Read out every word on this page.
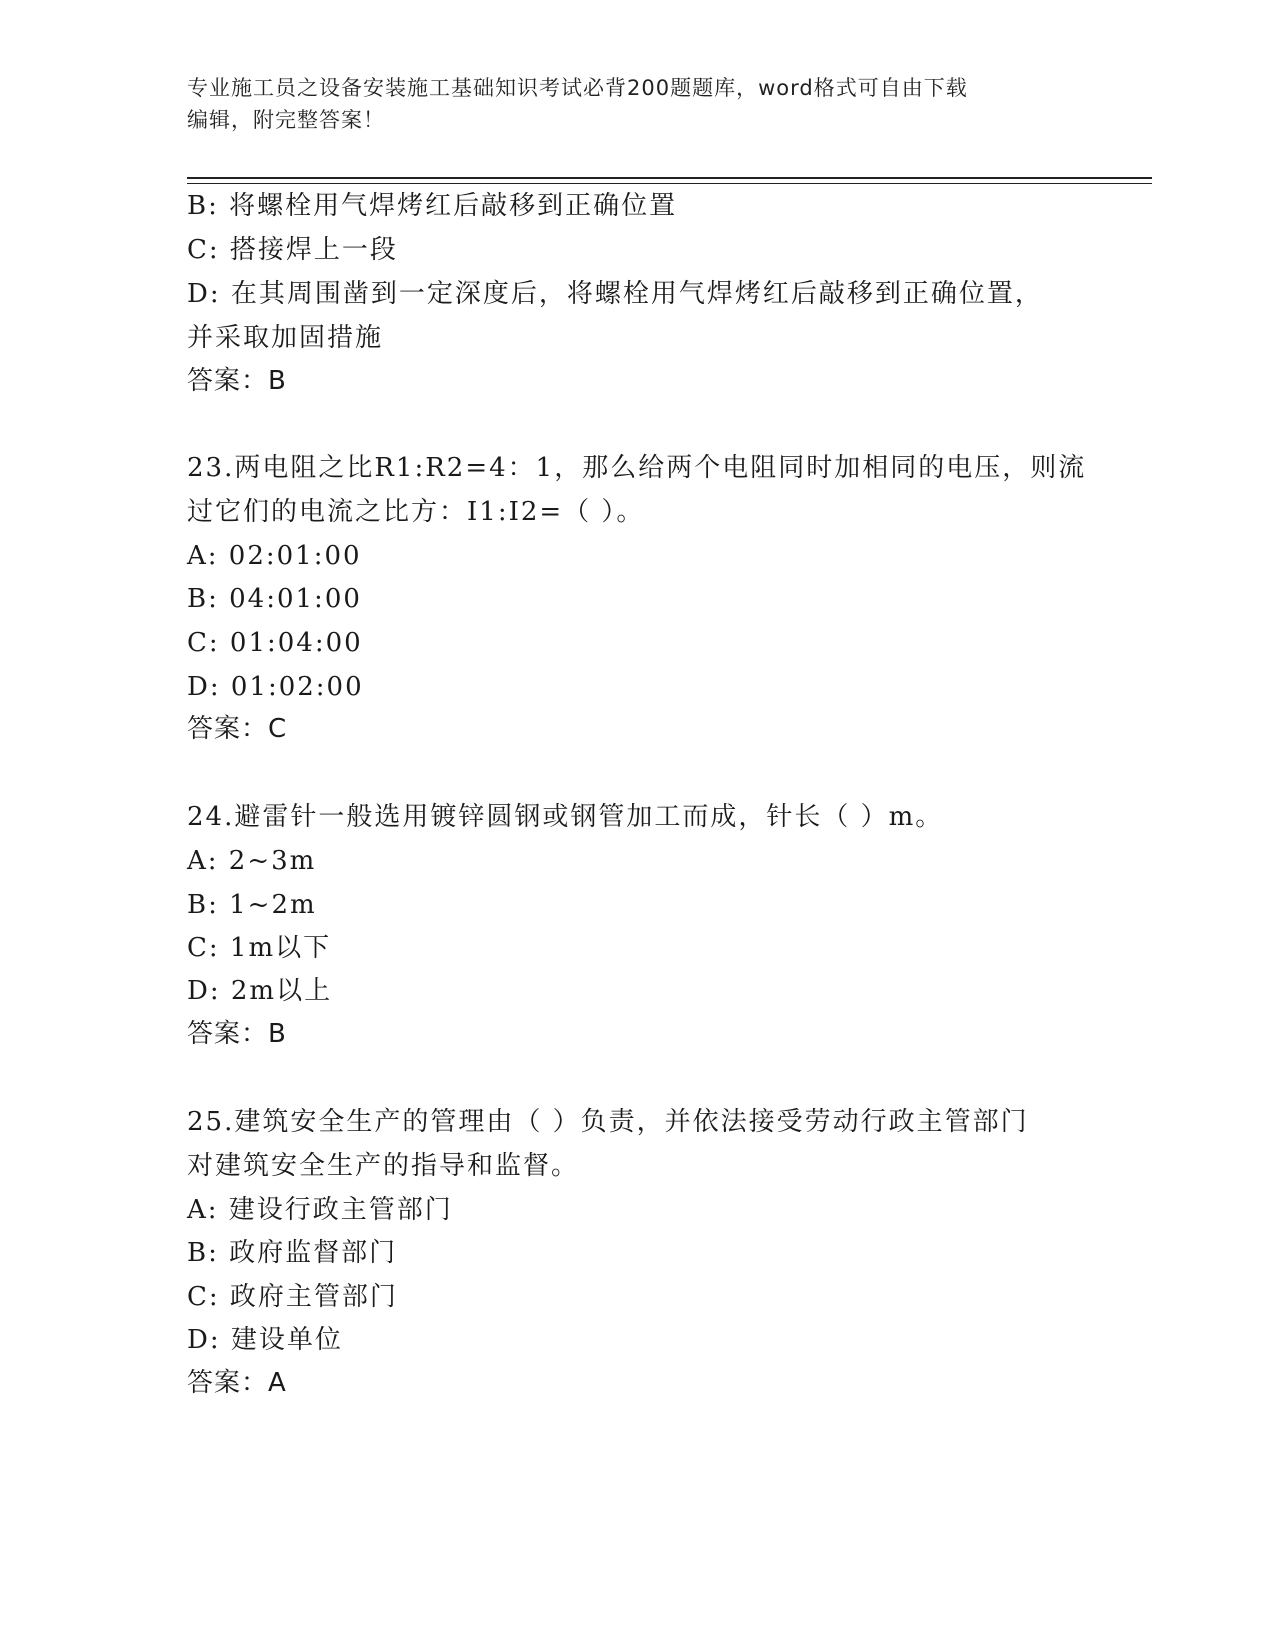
专业施工员之设备安装施工基础知识考试必背200题题库，word格式可自由下载
编辑，附完整答案！
B: 将螺栓用气焊烤红后敲移到正确位置
C: 搭接焊上一段
D: 在其周围凿到一定深度后，将螺栓用气焊烤红后敲移到正确位置，
并采取加固措施
答案：B
23.两电阻之比R1:R2=4：1，那么给两个电阻同时加相同的电压，则流
过它们的电流之比方：I1:I2=（ ）。
A: 02:01:00
B: 04:01:00
C: 01:04:00
D: 01:02:00
答案：C
24.避雷针一般选用镀锌圆钢或钢管加工而成，针长（ ）m。
A: 2~3m
B: 1~2m
C: 1m以下
D: 2m以上
答案：B
25.建筑安全生产的管理由（ ）负责，并依法接受劳动行政主管部门
对建筑安全生产的指导和监督。
A: 建设行政主管部门
B: 政府监督部门
C: 政府主管部门
D: 建设单位
答案：A
